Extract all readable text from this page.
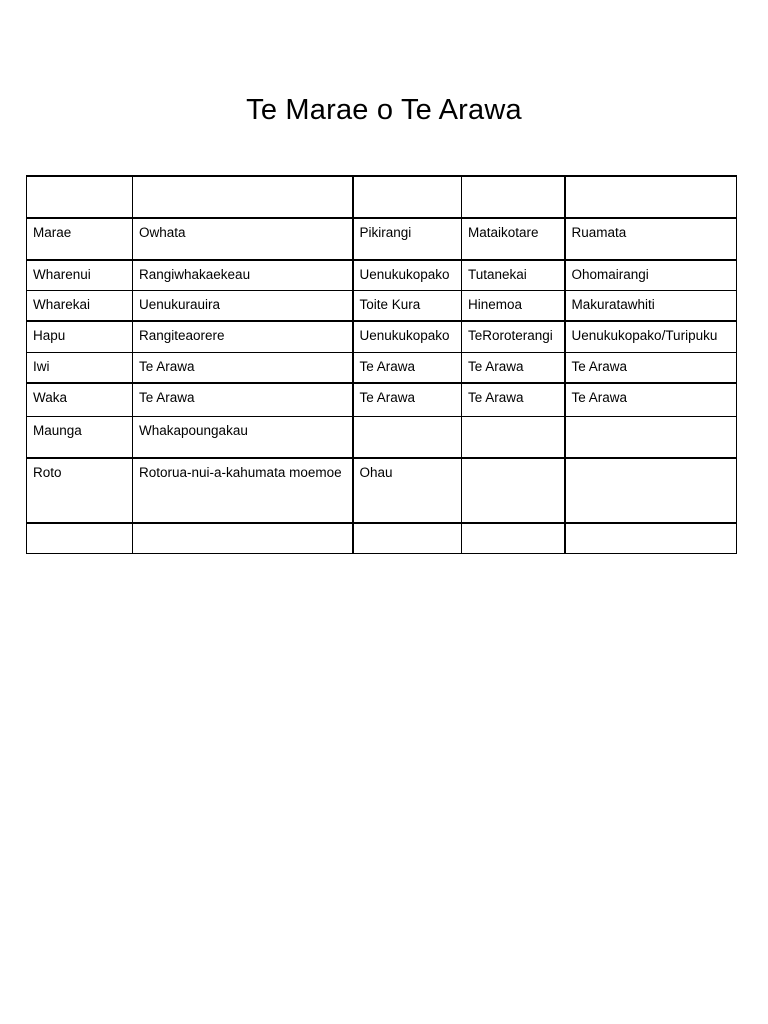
Te Marae o Te Arawa

Marae	Owhata	Pikirangi	Mataikotare	Ruamata
Wharenui	Rangiwhakaekeau	Uenukukopako	Tutanekai	Ohomairangi
Wharekai	Uenukurauira	Toite Kura	Hinemoa	Makuratawhiti
Hapu	Rangiteaorere	Uenukukopako	TeRoroterangi	Uenukukopako/Turipuku
Iwi	Te Arawa	Te Arawa	Te Arawa	Te Arawa
Waka	Te Arawa	Te Arawa	Te Arawa	Te Arawa
Maunga	Whakapoungakau			
Roto	Rotorua-nui-a-kahumata moemoe	Ohau		
